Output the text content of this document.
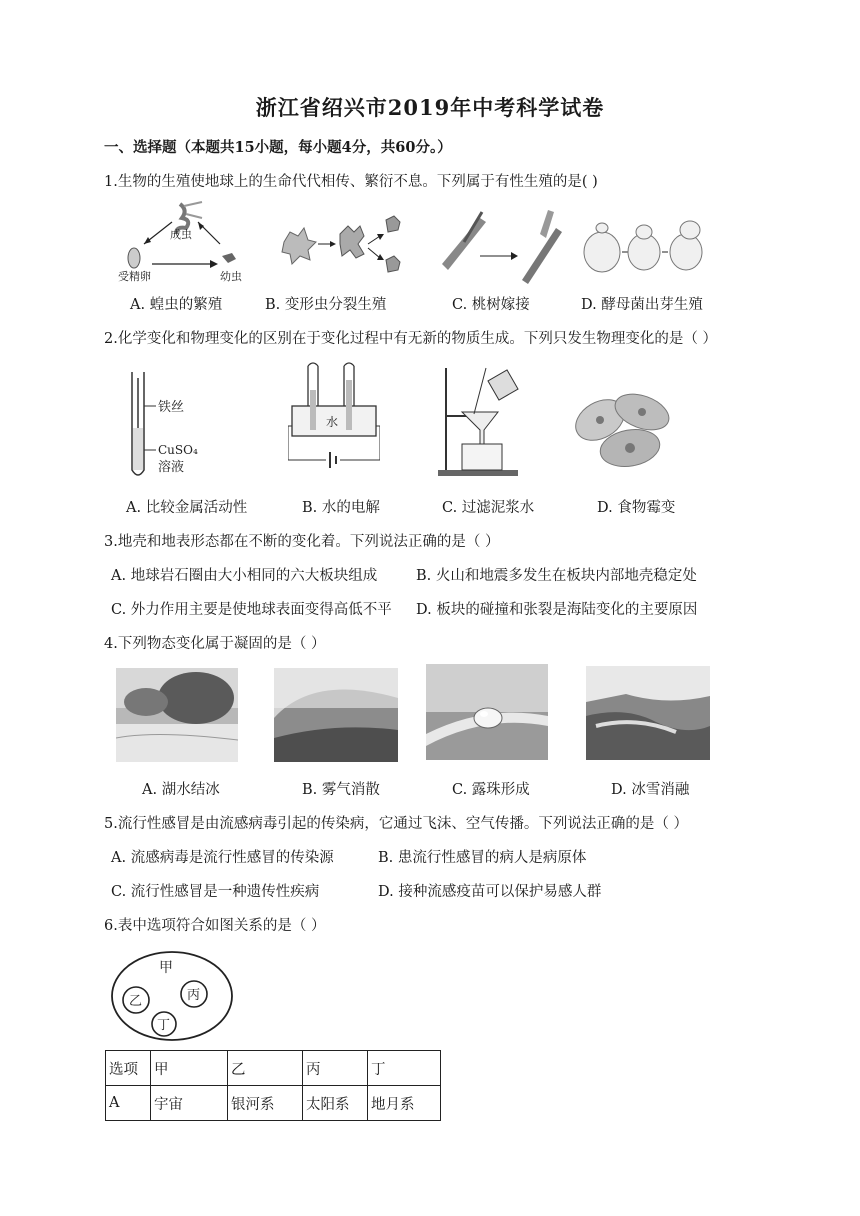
浙江省绍兴市2019年中考科学试卷
一、选择题（本题共15小题，每小题4分，共60分。）
1.生物的生殖使地球上的生命代代相传、繁衍不息。下列属于有性生殖的是( )
成虫
受精卵	幼虫
A. 蝗虫的繁殖	B. 变形虫分裂生殖	C. 桃树嫁接	D. 酵母菌出芽生殖
2.化学变化和物理变化的区别在于变化过程中有无新的物质生成。下列只发生物理变化的是（ ）
铁丝
CuSO₄
溶液
水
A. 比较金属活动性	B. 水的电解	C. 过滤泥浆水	D. 食物霉变
3.地壳和地表形态都在不断的变化着。下列说法正确的是（ ）
A. 地球岩石圈由大小相同的六大板块组成	B. 火山和地震多发生在板块内部地壳稳定处
C. 外力作用主要是使地球表面变得高低不平 D. 板块的碰撞和张裂是海陆变化的主要原因
4.下列物态变化属于凝固的是（ ）
A. 湖水结冰	B. 雾气消散	C. 露珠形成	D. 冰雪消融
5.流行性感冒是由流感病毒引起的传染病，它通过飞沫、空气传播。下列说法正确的是（ ）
A. 流感病毒是流行性感冒的传染源	B. 患流行性感冒的病人是病原体
C. 流行性感冒是一种遗传性疾病	D. 接种流感疫苗可以保护易感人群
6.表中选项符合如图关系的是（ ）
甲
乙	丙
丁
选项	甲	乙	丙	丁
A	宇宙	银河系	太阳系	地月系
